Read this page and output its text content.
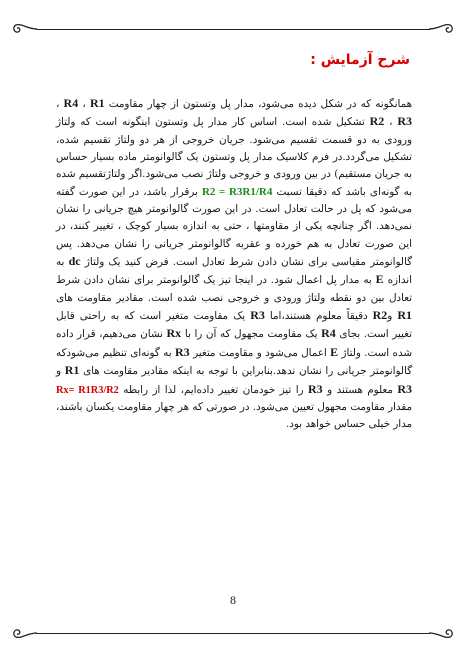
شرح آزمایش :

همانگونه که در شکل دیده می‌شود، مدار پل وتستون از چهار مقاومت R1 ، R4 ، R3 ، R2 تشکیل شده است. اساس کار مدار پل وتستون اینگونه است که ولتاژ ورودی به دو قسمت تقسیم می‌شود. جریان خروجی از هر دو ولتاژ تقسیم شده، تشکیل می‌گردد.در فرم کلاسیک مدار پل وتستون یک گالوانومتر ماده بسیار حساس به جریان مستقیم) در بین ورودی و خروجی ولتاژ نصب می‌شود.اگر ولتاژتقسیم شده به گونه‌ای باشد که دقیقا تسبت R2 = R3R1/R4 برقرار باشد، در این صورت گفته می‌شود که پل در حالت تعادل است. در این صورت گالوانومتر هیچ جریانی را نشان نمی‌دهد. اگر چنانچه یکی از مقاومتها ، حتی به اندازه بسیار کوچک ، تغییر کنند، در این صورت تعادل به هم خورده و عقربه گالوانومتر جریانی را نشان می‌دهد. پس گالوانومتر مقیاسی برای نشان دادن شرط تعادل است. فرض کنید یک ولتاژ dc به اندازه E به مدار پل اعمال شود. در اینجا تیز یک گالوانومتر برای نشان دادن شرط تعادل بین دو نقطه ولتاژ ورودی و خروجی نصب شده است. مقادیر مقاومت های R1 وR2 دقیقاً معلوم هستند،اما R3 یک مقاومت متغیر است که به راحتی قابل تغییر است. بجای R4 یک مقاومت مجهول که آن را با Rx نشان می‌دهیم، قرار داده شده است. ولتاژ E اعمال می‌شود و مقاومت متغیر R3 به گونه‌ای تنظیم می‌شودکه گالوانومتر جریانی را نشان ندهد.بنابراین با توجه به اینکه مقادیر مقاومت های R1 و R3 معلوم هستند و R3 را تیز خودمان تغییر داده‌ایم، لذا از رابطه Rx= R1R3/R2 مقدار مقاومت مجهول تعیین می‌شود. در صورتی که هر چهار مقاومت یکسان باشند، مدار خیلی حساس خواهد بود.

8
